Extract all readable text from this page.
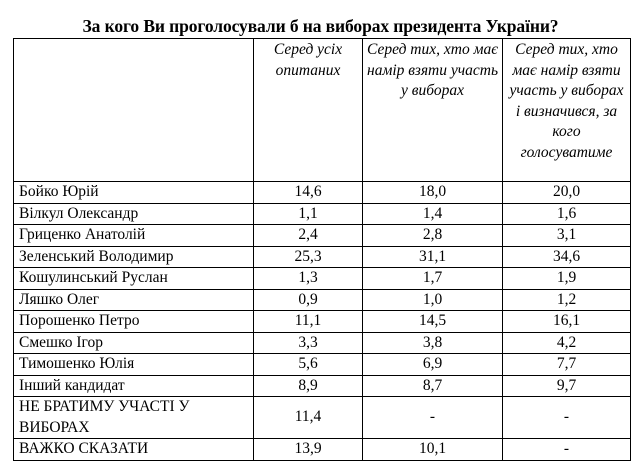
За кого Ви проголосували б на виборах президента України?
	Серед усіх опитаних	Серед тих, хто має намір взяти участь у виборах	Серед тих, хто має намір взяти участь у виборах і визначився, за кого голосуватиме
Бойко Юрій	14,6	18,0	20,0
Вілкул Олександр	1,1	1,4	1,6
Гриценко Анатолій	2,4	2,8	3,1
Зеленський Володимир	25,3	31,1	34,6
Кошулинський Руслан	1,3	1,7	1,9
Ляшко Олег	0,9	1,0	1,2
Порошенко Петро	11,1	14,5	16,1
Смешко Ігор	3,3	3,8	4,2
Тимошенко Юлія	5,6	6,9	7,7
Інший кандидат	8,9	8,7	9,7
НЕ БРАТИМУ УЧАСТІ У ВИБОРАХ	11,4	-	-
ВАЖКО СКАЗАТИ	13,9	10,1	-
